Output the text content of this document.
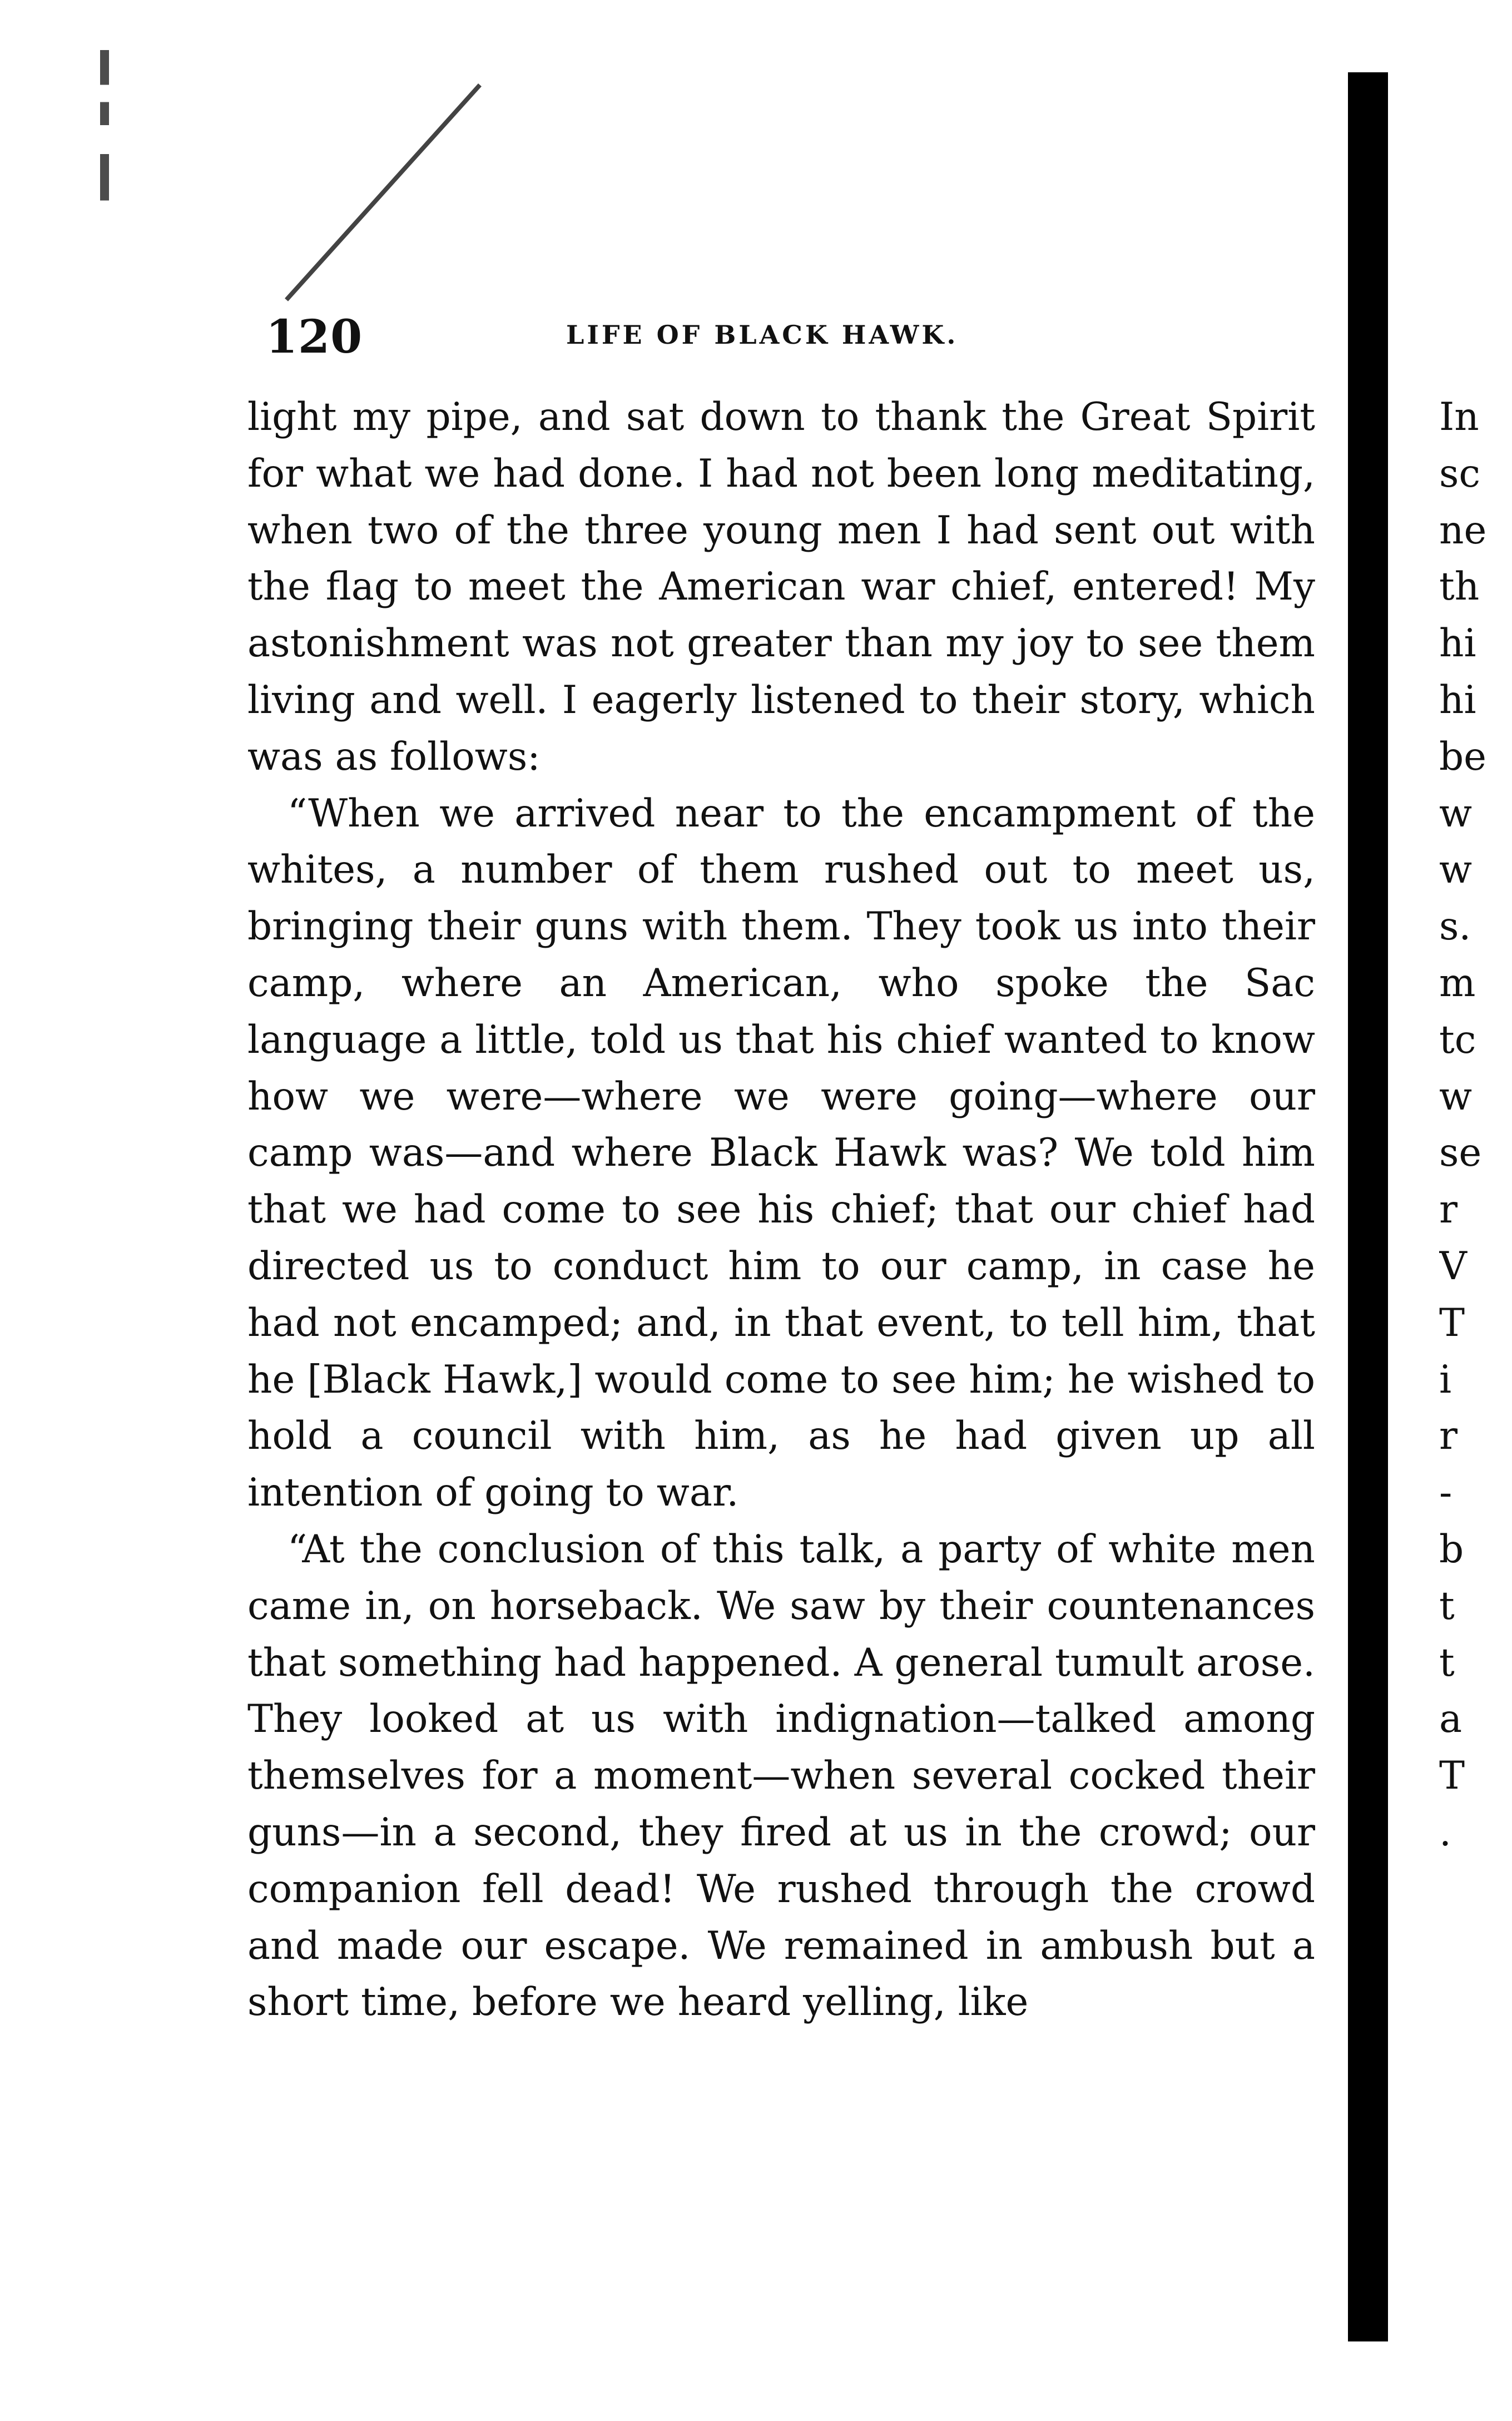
120	LIFE OF BLACK HAWK.

light my pipe, and sat down to thank the Great Spirit for what we had done. I had not been long meditating, when two of the three young men I had sent out with the flag to meet the American war chief, entered! My astonishment was not greater than my joy to see them living and well. I eagerly listened to their story, which was as follows:

“When we arrived near to the encampment of the whites, a number of them rushed out to meet us, bringing their guns with them. They took us into their camp, where an American, who spoke the Sac language a little, told us that his chief wanted to know how we were—where we were going—where our camp was—and where Black Hawk was? We told him that we had come to see his chief; that our chief had directed us to conduct him to our camp, in case he had not encamped; and, in that event, to tell him, that he [Black Hawk,] would come to see him; he wished to hold a council with him, as he had given up all intention of going to war.

“At the conclusion of this talk, a party of white men came in, on horseback. We saw by their countenances that something had happened. A general tumult arose. They looked at us with indignation—talked among themselves for a moment—when several cocked their guns—in a second, they fired at us in the crowd; our companion fell dead! We rushed through the crowd and made our escape. We remained in ambush but a short time, before we heard yelling, like

In
sc
ne
th
hi
hi
be
w
w
s.
m
tc
w
se
r
V
T
i
r
-
b
t
t
a
T
.
